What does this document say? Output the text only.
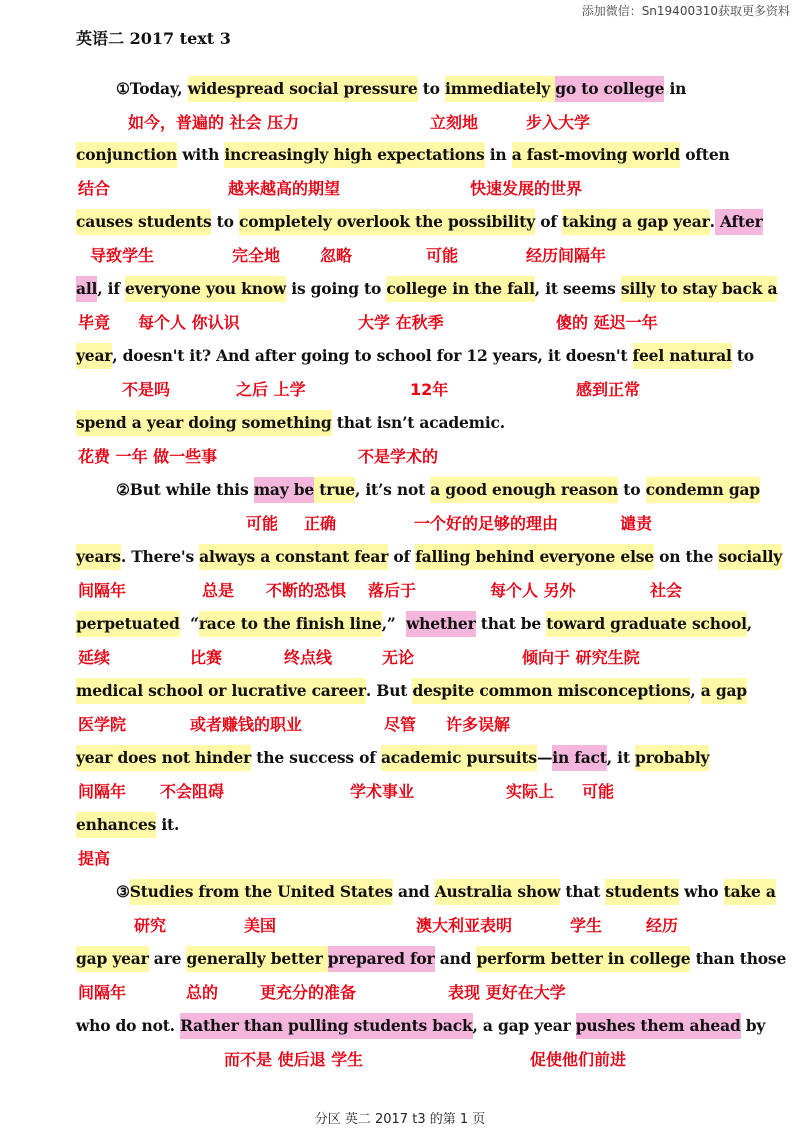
添加微信：Sn19400310获取更多资料
英语二 2017 text 3
①Today, widespread social pressure to immediately go to college in
如今，普遍的 社会 压力	立刻地	步入大学
conjunction with increasingly high expectations in a fast-moving world often
结合	越来越高的期望	快速发展的世界
causes students to completely overlook the possibility of taking a gap year. After
导致学生	完全地 忽略	可能	经历间隔年
all, if everyone you know is going to college in the fall, it seems silly to stay back a
毕竟 每个人 你认识	大学 在秋季	傻的 延迟一年
year, doesn't it? And after going to school for 12 years, it doesn't feel natural to
不是吗	之后 上学	12年	感到正常
spend a year doing something that isn’t academic.
花费 一年 做一些事	不是学术的
②But while this may be true, it’s not a good enough reason to condemn gap
可能 正确	一个好的足够的理由	谴责
years. There's always a constant fear of falling behind everyone else on the socially
间隔年	总是 不断的恐惧 落后于	每个人 另外	社会
perpetuated  “race to the finish line,”  whether that be toward graduate school,
延续	比赛	终点线	无论	倾向于 研究生院
medical school or lucrative career. But despite common misconceptions, a gap
医学院	或者赚钱的职业	尽管 许多误解
year does not hinder the success of academic pursuits—in fact, it probably
间隔年 不会阻碍	学术事业	实际上 可能
enhances it.
提高
③Studies from the United States and Australia show that students who take a
研究	美国	澳大利亚表明	学生	经历
gap year are generally better prepared for and perform better in college than those
间隔年	总的	更充分的准备	表现 更好在大学
who do not. Rather than pulling students back, a gap year pushes them ahead by
而不是 使后退 学生	促使他们前进
分区 英二 2017 t3 的第 1 页
